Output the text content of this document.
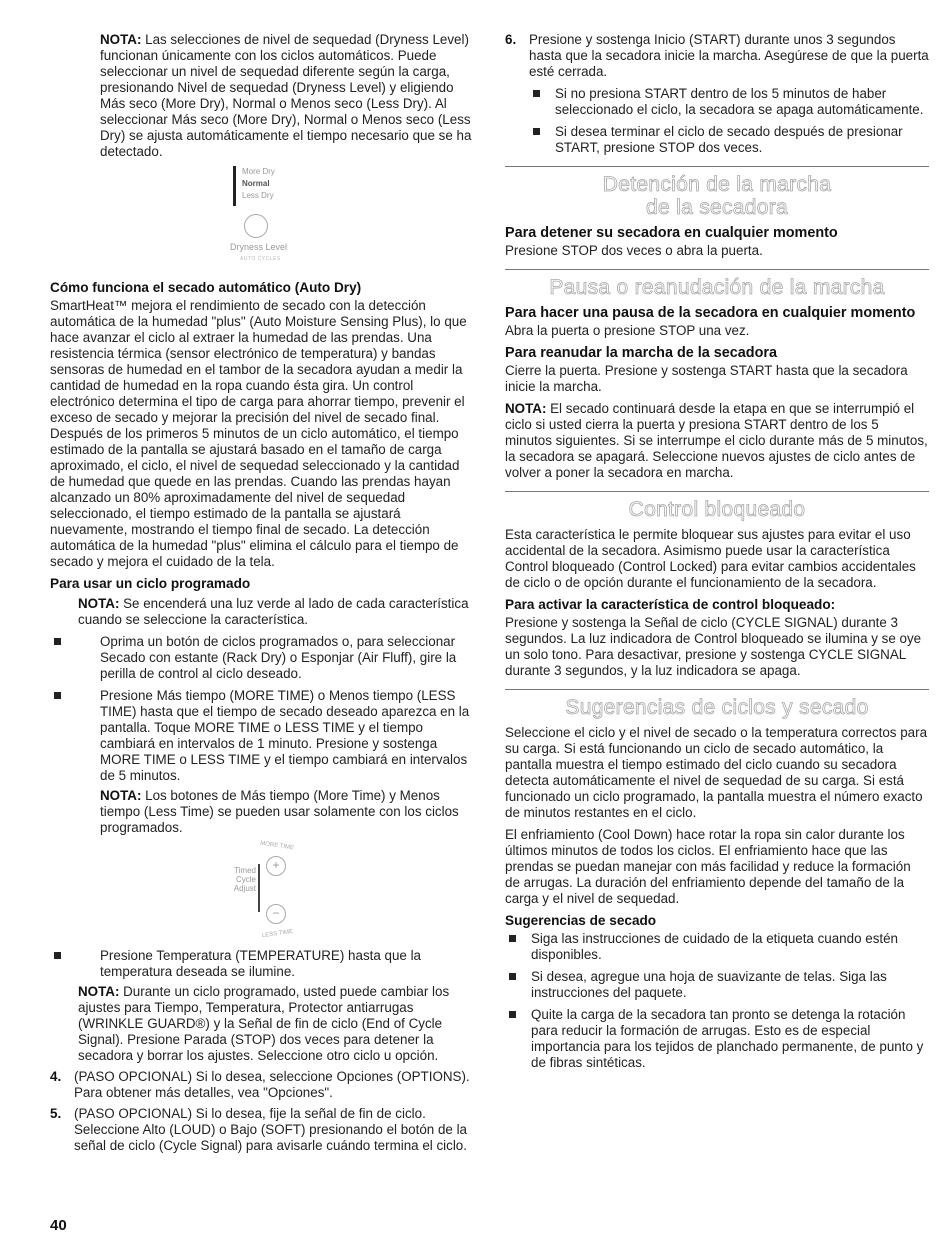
NOTA: Las selecciones de nivel de sequedad (Dryness Level) funcionan únicamente con los ciclos automáticos. Puede seleccionar un nivel de sequedad diferente según la carga, presionando Nivel de sequedad (Dryness Level) y eligiendo Más seco (More Dry), Normal o Menos seco (Less Dry). Al seleccionar Más seco (More Dry), Normal o Menos seco (Less Dry) se ajusta automáticamente el tiempo necesario que se ha detectado.

More Dry
Normal
Less Dry
Dryness Level
AUTO CYCLES

Cómo funciona el secado automático (Auto Dry)

SmartHeat™ mejora el rendimiento de secado con la detección automática de la humedad "plus" (Auto Moisture Sensing Plus), lo que hace avanzar el ciclo al extraer la humedad de las prendas. Una resistencia térmica (sensor electrónico de temperatura) y bandas sensoras de humedad en el tambor de la secadora ayudan a medir la cantidad de humedad en la ropa cuando ésta gira. Un control electrónico determina el tipo de carga para ahorrar tiempo, prevenir el exceso de secado y mejorar la precisión del nivel de secado final. Después de los primeros 5 minutos de un ciclo automático, el tiempo estimado de la pantalla se ajustará basado en el tamaño de carga aproximado, el ciclo, el nivel de sequedad seleccionado y la cantidad de humedad que quede en las prendas. Cuando las prendas hayan alcanzado un 80% aproximadamente del nivel de sequedad seleccionado, el tiempo estimado de la pantalla se ajustará nuevamente, mostrando el tiempo final de secado. La detección automática de la humedad "plus" elimina el cálculo para el tiempo de secado y mejora el cuidado de la tela.

Para usar un ciclo programado

NOTA: Se encenderá una luz verde al lado de cada característica cuando se seleccione la característica.

Oprima un botón de ciclos programados o, para seleccionar Secado con estante (Rack Dry) o Esponjar (Air Fluff), gire la perilla de control al ciclo deseado.
Presione Más tiempo (MORE TIME) o Menos tiempo (LESS TIME) hasta que el tiempo de secado deseado aparezca en la pantalla. Toque MORE TIME o LESS TIME y el tiempo cambiará en intervalos de 1 minuto. Presione y sostenga MORE TIME o LESS TIME y el tiempo cambiará en intervalos de 5 minutos.

NOTA: Los botones de Más tiempo (More Time) y Menos tiempo (Less Time) se pueden usar solamente con los ciclos programados.

MORE TIME
Timed
Cycle
Adjust
+
−
LESS TIME
Presione Temperatura (TEMPERATURE) hasta que la temperatura deseada se ilumine.

NOTA: Durante un ciclo programado, usted puede cambiar los ajustes para Tiempo, Temperatura, Protector antiarrugas (WRINKLE GUARD®) y la Señal de fin de ciclo (End of Cycle Signal). Presione Parada (STOP) dos veces para detener la secadora y borrar los ajustes. Seleccione otro ciclo u opción.

4. (PASO OPCIONAL) Si lo desea, seleccione Opciones (OPTIONS). Para obtener más detalles, vea "Opciones".
5. (PASO OPCIONAL) Si lo desea, fije la señal de fin de ciclo. Seleccione Alto (LOUD) o Bajo (SOFT) presionando el botón de la señal de ciclo (Cycle Signal) para avisarle cuándo termina el ciclo.
6. Presione y sostenga Inicio (START) durante unos 3 segundos hasta que la secadora inicie la marcha. Asegúrese de que la puerta esté cerrada.
Si no presiona START dentro de los 5 minutos de haber seleccionado el ciclo, la secadora se apaga automáticamente.
Si desea terminar el ciclo de secado después de presionar START, presione STOP dos veces.
Detención de la marcha
de la secadora

Para detener su secadora en cualquier momento

Presione STOP dos veces o abra la puerta.

Pausa o reanudación de la marcha

Para hacer una pausa de la secadora en cualquier momento

Abra la puerta o presione STOP una vez.

Para reanudar la marcha de la secadora

Cierre la puerta. Presione y sostenga START hasta que la secadora inicie la marcha.

NOTA: El secado continuará desde la etapa en que se interrumpió el ciclo si usted cierra la puerta y presiona START dentro de los 5 minutos siguientes. Si se interrumpe el ciclo durante más de 5 minutos, la secadora se apagará. Seleccione nuevos ajustes de ciclo antes de volver a poner la secadora en marcha.

Control bloqueado

Esta característica le permite bloquear sus ajustes para evitar el uso accidental de la secadora. Asimismo puede usar la característica Control bloqueado (Control Locked) para evitar cambios accidentales de ciclo o de opción durante el funcionamiento de la secadora.

Para activar la característica de control bloqueado:

Presione y sostenga la Señal de ciclo (CYCLE SIGNAL) durante 3 segundos. La luz indicadora de Control bloqueado se ilumina y se oye un solo tono. Para desactivar, presione y sostenga CYCLE SIGNAL durante 3 segundos, y la luz indicadora se apaga.

Sugerencias de ciclos y secado

Seleccione el ciclo y el nivel de secado o la temperatura correctos para su carga. Si está funcionando un ciclo de secado automático, la pantalla muestra el tiempo estimado del ciclo cuando su secadora detecta automáticamente el nivel de sequedad de su carga. Si está funcionado un ciclo programado, la pantalla muestra el número exacto de minutos restantes en el ciclo.

El enfriamiento (Cool Down) hace rotar la ropa sin calor durante los últimos minutos de todos los ciclos. El enfriamiento hace que las prendas se puedan manejar con más facilidad y reduce la formación de arrugas. La duración del enfriamiento depende del tamaño de la carga y el nivel de sequedad.

Sugerencias de secado

Siga las instrucciones de cuidado de la etiqueta cuando estén disponibles.
Si desea, agregue una hoja de suavizante de telas. Siga las instrucciones del paquete.
Quite la carga de la secadora tan pronto se detenga la rotación para reducir la formación de arrugas. Esto es de especial importancia para los tejidos de planchado permanente, de punto y de fibras sintéticas.
40
